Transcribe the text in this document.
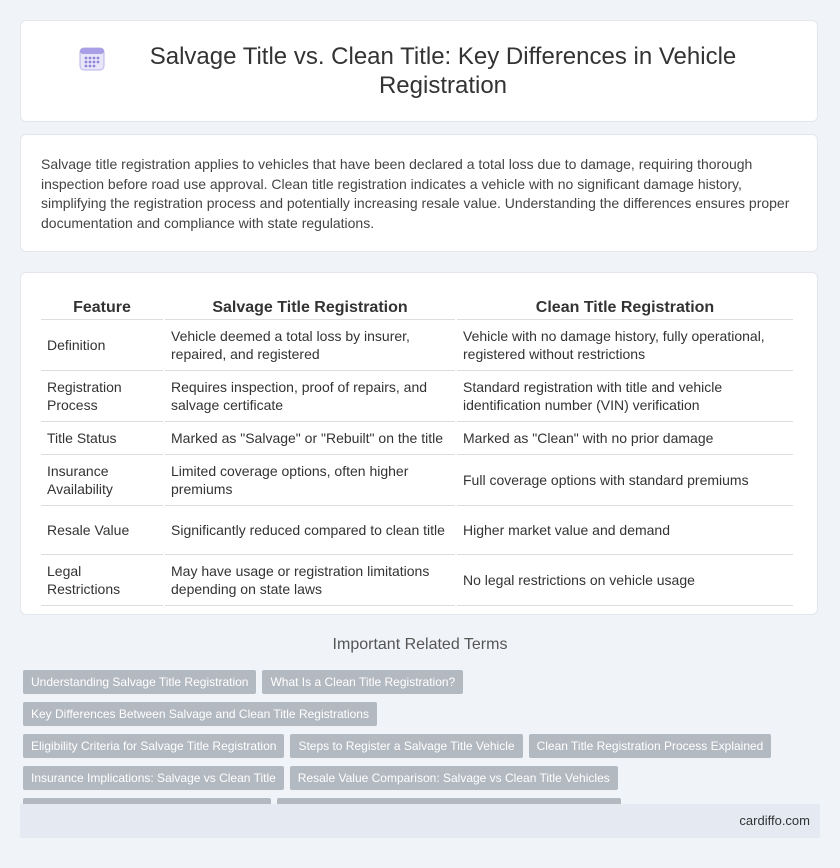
Salvage Title vs. Clean Title: Key Differences in Vehicle Registration

Salvage title registration applies to vehicles that have been declared a total loss due to damage, requiring thorough inspection before road use approval. Clean title registration indicates a vehicle with no significant damage history, simplifying the registration process and potentially increasing resale value. Understanding the differences ensures proper documentation and compliance with state regulations.

Feature	Salvage Title Registration	Clean Title Registration
Definition	Vehicle deemed a total loss by insurer, repaired, and registered	Vehicle with no damage history, fully operational, registered without restrictions
Registration Process	Requires inspection, proof of repairs, and salvage certificate	Standard registration with title and vehicle identification number (VIN) verification
Title Status	Marked as "Salvage" or "Rebuilt" on the title	Marked as "Clean" with no prior damage
Insurance Availability	Limited coverage options, often higher premiums	Full coverage options with standard premiums
Resale Value	Significantly reduced compared to clean title	Higher market value and demand
Legal Restrictions	May have usage or registration limitations depending on state laws	No legal restrictions on vehicle usage
Important Related Terms
Understanding Salvage Title Registration What Is a Clean Title Registration?Key Differences Between Salvage and Clean Title Registrations
Eligibility Criteria for Salvage Title Registration Steps to Register a Salvage Title Vehicle Clean Title Registration Process Explained
Insurance Implications: Salvage vs Clean Title Resale Value Comparison: Salvage vs Clean Title Vehicles

cardiffo.com
